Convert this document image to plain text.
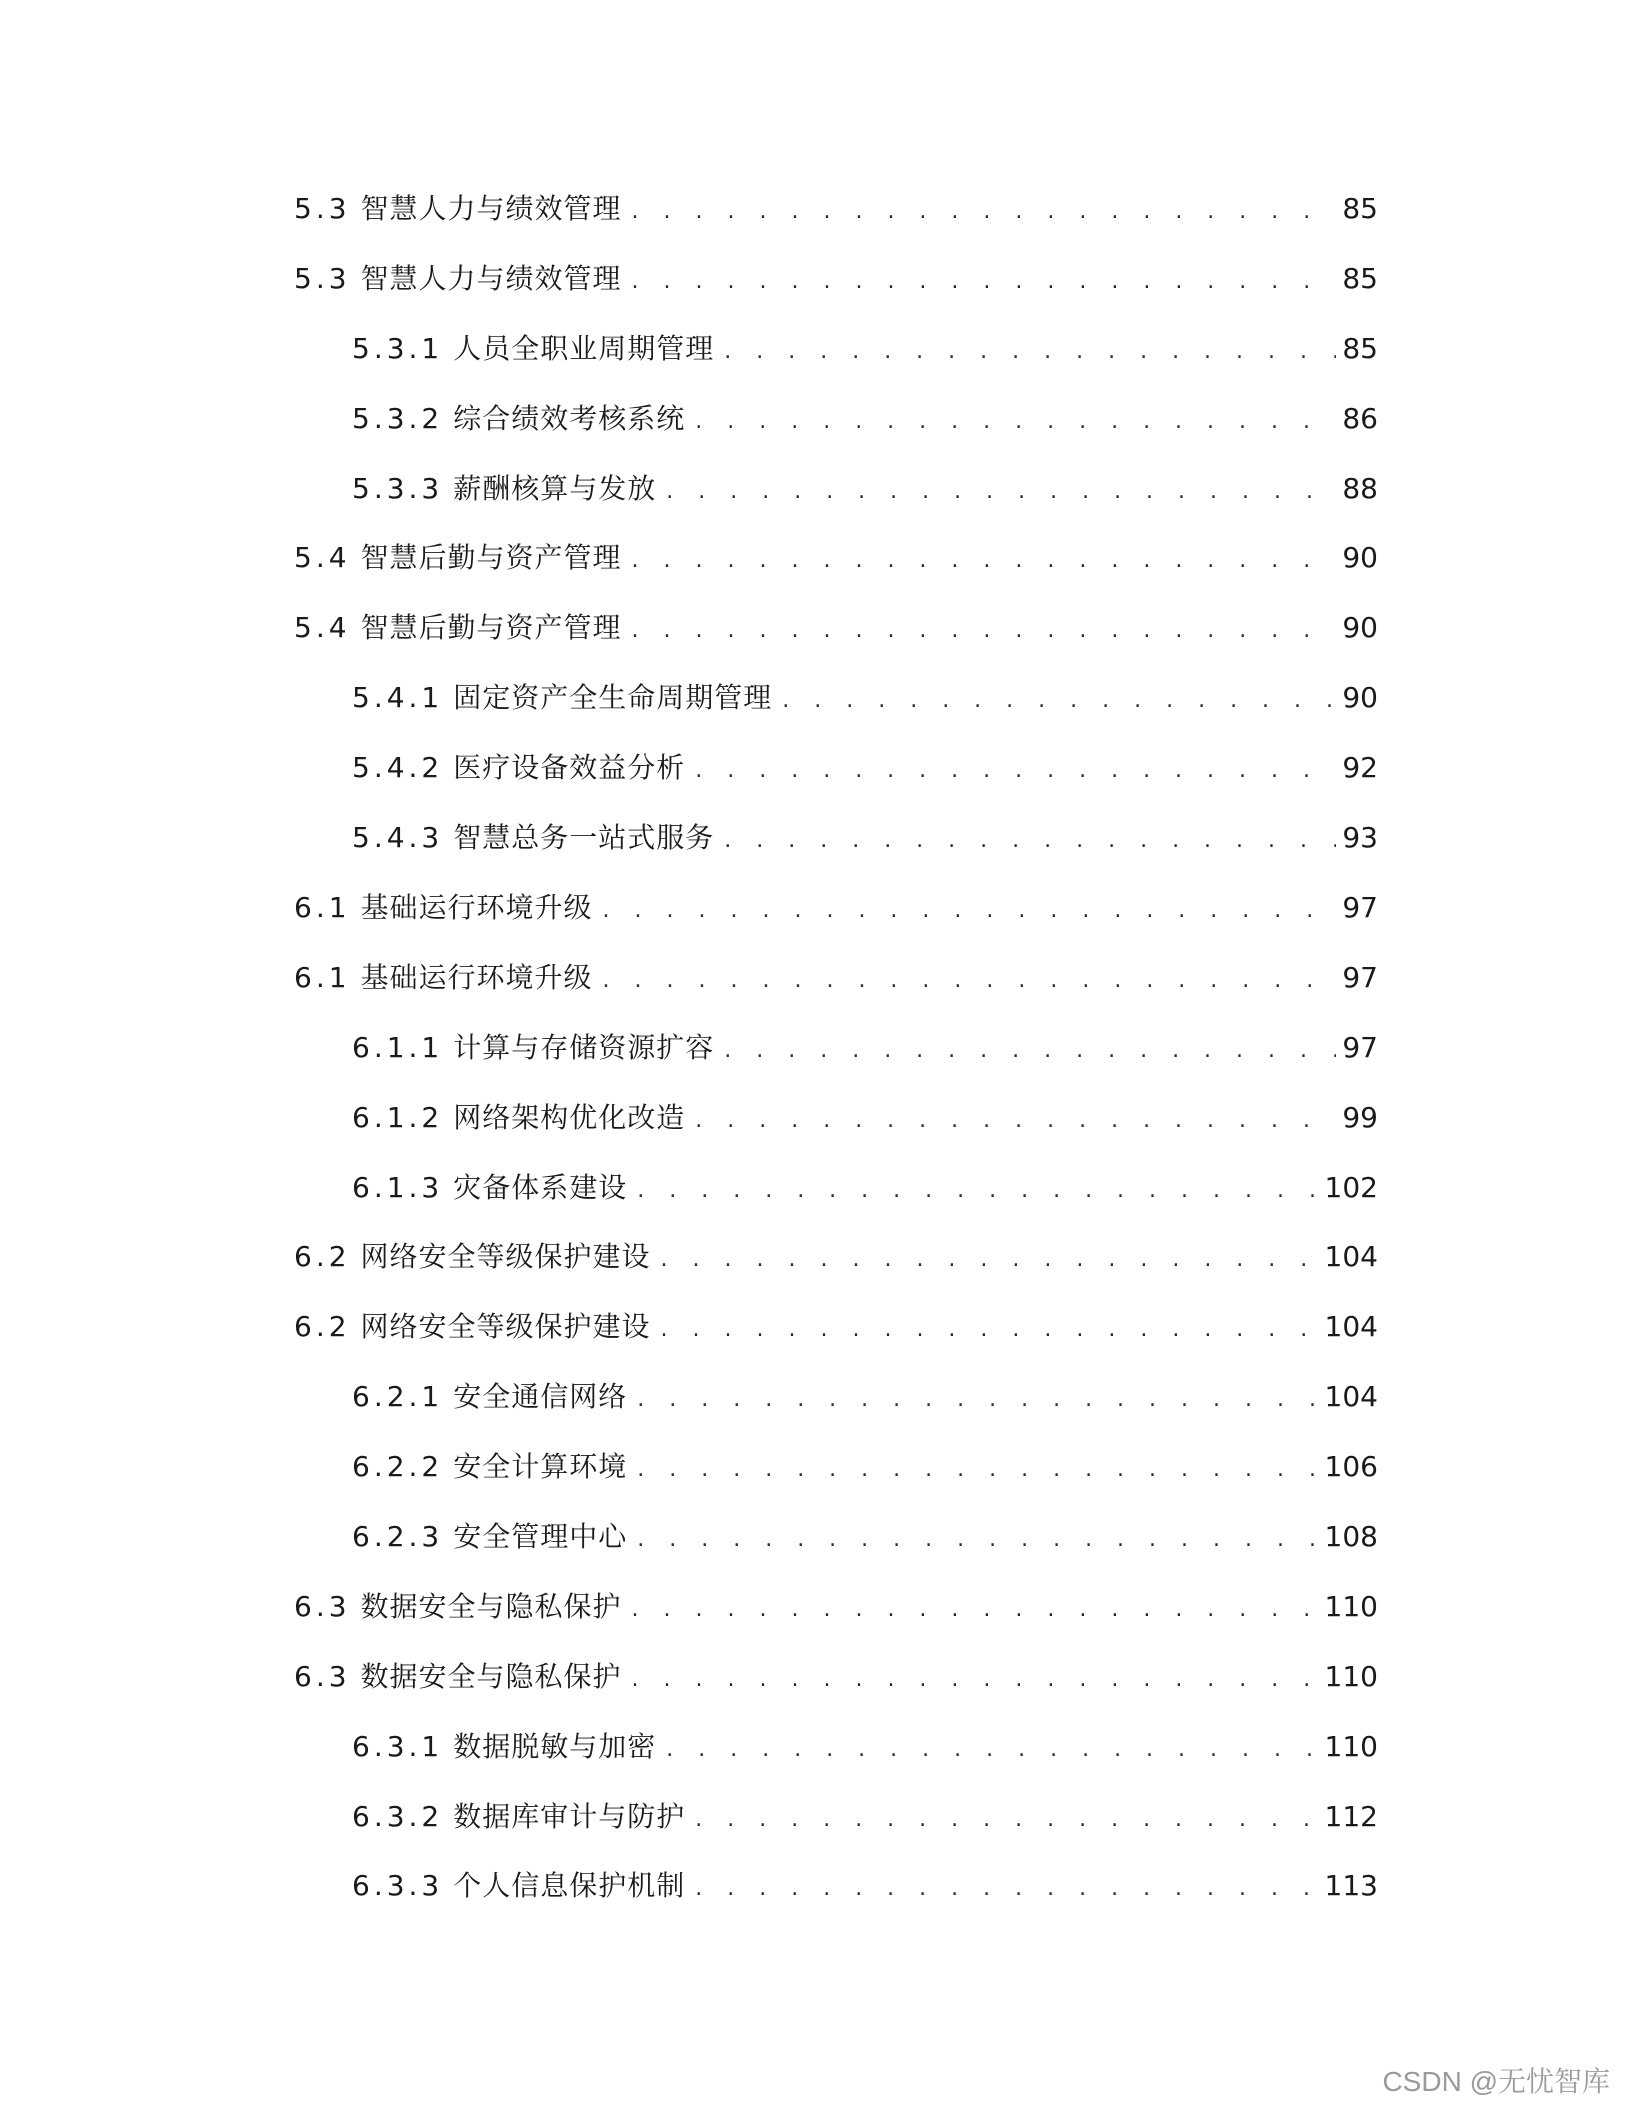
5.3 智慧人力与绩效管理 . . .	85
5.3 智慧人力与绩效管理 . . .	85
5.3.1 人员全职业周期管理 . . .	85
5.3.2 综合绩效考核系统 . . .	86
5.3.3 薪酬核算与发放 . . .	88
5.4 智慧后勤与资产管理 . . .	90
5.4 智慧后勤与资产管理 . . .	90
5.4.1 固定资产全生命周期管理 . . .	90
5.4.2 医疗设备效益分析 . . .	92
5.4.3 智慧总务一站式服务 . . .	93
6.1 基础运行环境升级 . . .	97
6.1 基础运行环境升级 . . .	97
6.1.1 计算与存储资源扩容 . . .	97
6.1.2 网络架构优化改造 . . .	99
6.1.3 灾备体系建设 . . .	102
6.2 网络安全等级保护建设 . . .	104
6.2 网络安全等级保护建设 . . .	104
6.2.1 安全通信网络 . . .	104
6.2.2 安全计算环境 . . .	106
6.2.3 安全管理中心 . . .	108
6.3 数据安全与隐私保护 . . .	110
6.3 数据安全与隐私保护 . . .	110
6.3.1 数据脱敏与加密 . . .	110
6.3.2 数据库审计与防护 . . .	112
6.3.3 个人信息保护机制 . . .	113
CSDN @无忧智库
